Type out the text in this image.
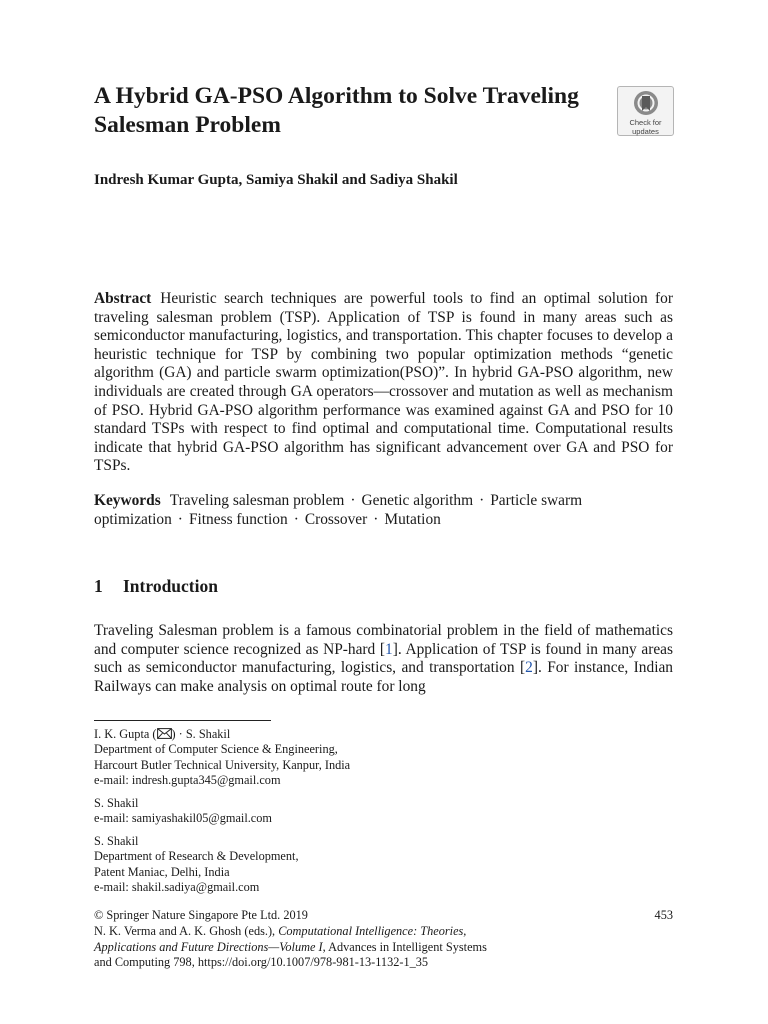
A Hybrid GA-PSO Algorithm to Solve Traveling Salesman Problem	Check for
updates
Indresh Kumar Gupta, Samiya Shakil and Sadiya Shakil

Abstract Heuristic search techniques are powerful tools to find an optimal solution for traveling salesman problem (TSP). Application of TSP is found in many areas such as semiconductor manufacturing, logistics, and transportation. This chapter focuses to develop a heuristic technique for TSP by combining two popular optimization methods “genetic algorithm (GA) and particle swarm optimization(PSO)”. In hybrid GA-PSO algorithm, new individuals are created through GA operators—crossover and mutation as well as mechanism of PSO. Hybrid GA-PSO algorithm performance was examined against GA and PSO for 10 standard TSPs with respect to find optimal and computational time. Computational results indicate that hybrid GA-PSO algorithm has significant advancement over GA and PSO for TSPs.

Keywords Traveling salesman problem · Genetic algorithm · Particle swarm optimization · Fitness function · Crossover · Mutation

1 Introduction

Traveling Salesman problem is a famous combinatorial problem in the field of mathematics and computer science recognized as NP-hard [1]. Application of TSP is found in many areas such as semiconductor manufacturing, logistics, and transportation [2]. For instance, Indian Railways can make analysis on optimal route for long

I. K. Gupta ( ) · S. Shakil
Department of Computer Science & Engineering,
Harcourt Butler Technical University, Kanpur, India
e-mail: indresh.gupta345@gmail.com
S. Shakil
e-mail: samiyashakil05@gmail.com
S. Shakil
Department of Research & Development,
Patent Maniac, Delhi, India
e-mail: shakil.sadiya@gmail.com
© Springer Nature Singapore Pte Ltd. 2019	453
N. K. Verma and A. K. Ghosh (eds.), Computational Intelligence: Theories,
Applications and Future Directions—Volume I, Advances in Intelligent Systems
and Computing 798, https://doi.org/10.1007/978-981-13-1132-1_35
